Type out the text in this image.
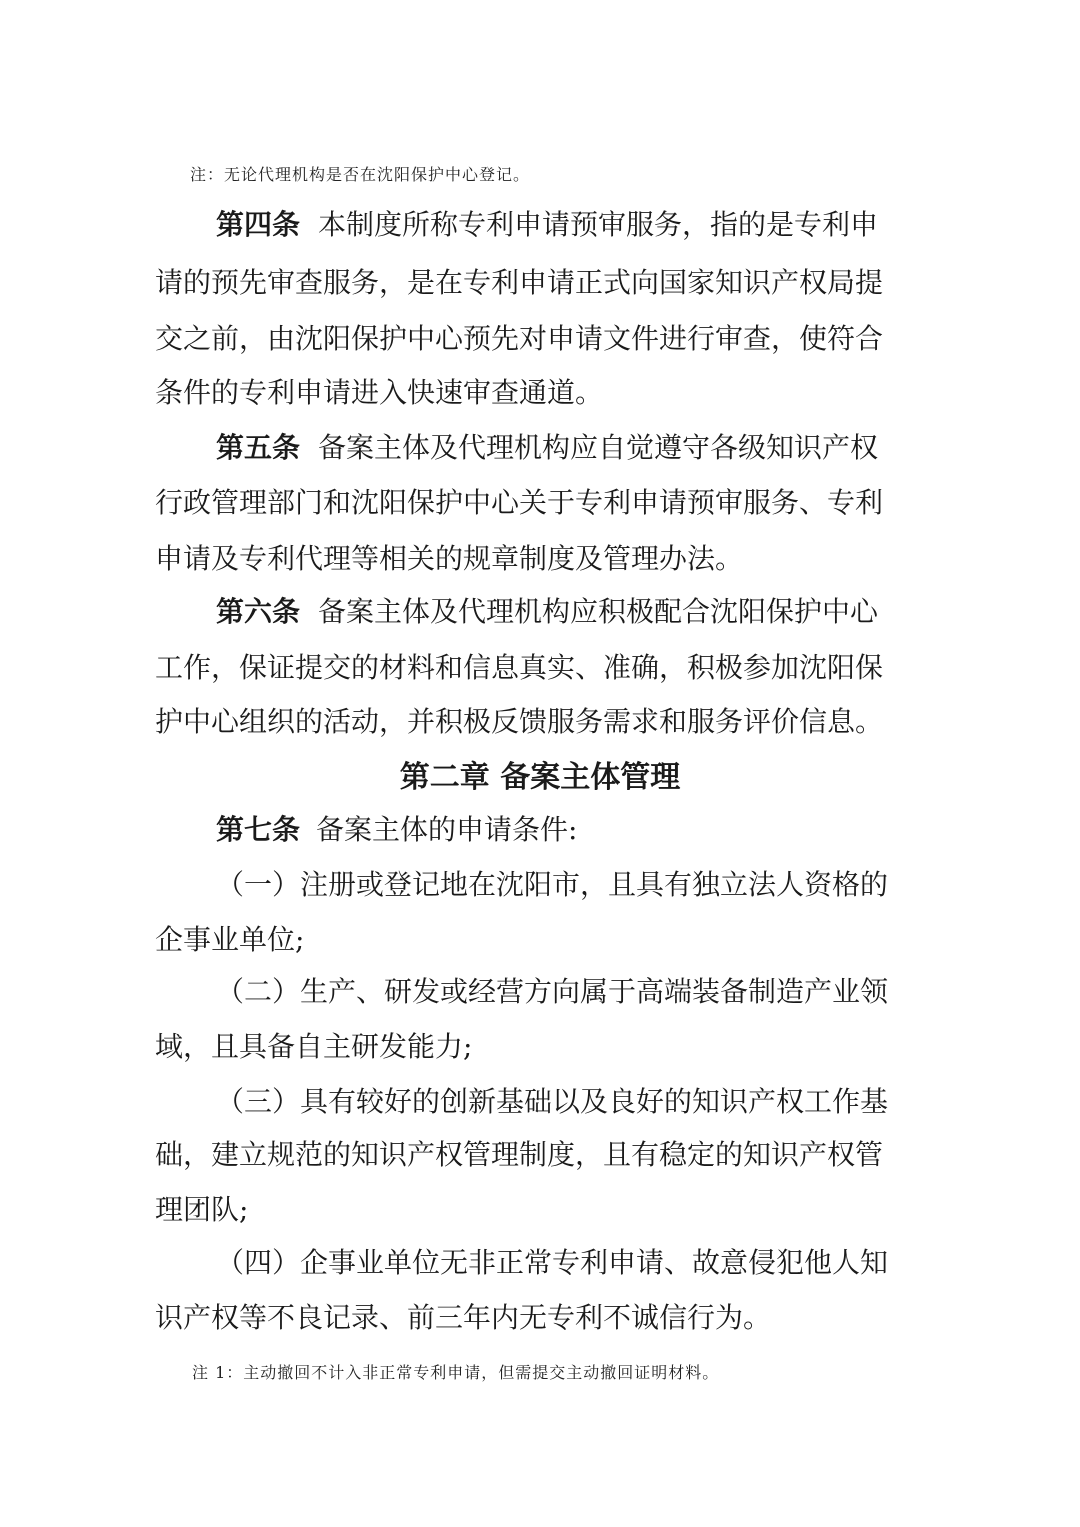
注：无论代理机构是否在沈阳保护中心登记。
第四条 本制度所称专利申请预审服务，指的是专利申
请的预先审查服务，是在专利申请正式向国家知识产权局提
交之前，由沈阳保护中心预先对申请文件进行审查，使符合
条件的专利申请进入快速审查通道。
第五条 备案主体及代理机构应自觉遵守各级知识产权
行政管理部门和沈阳保护中心关于专利申请预审服务、专利
申请及专利代理等相关的规章制度及管理办法。
第六条 备案主体及代理机构应积极配合沈阳保护中心
工作，保证提交的材料和信息真实、准确，积极参加沈阳保
护中心组织的活动，并积极反馈服务需求和服务评价信息。
第二章 备案主体管理
第七条 备案主体的申请条件:
（一）注册或登记地在沈阳市，且具有独立法人资格的
企事业单位;
（二）生产、研发或经营方向属于高端装备制造产业领
域，且具备自主研发能力;
（三）具有较好的创新基础以及良好的知识产权工作基
础，建立规范的知识产权管理制度，且有稳定的知识产权管
理团队;
（四）企事业单位无非正常专利申请、故意侵犯他人知
识产权等不良记录、前三年内无专利不诚信行为。
注 1：主动撤回不计入非正常专利申请，但需提交主动撤回证明材料。
